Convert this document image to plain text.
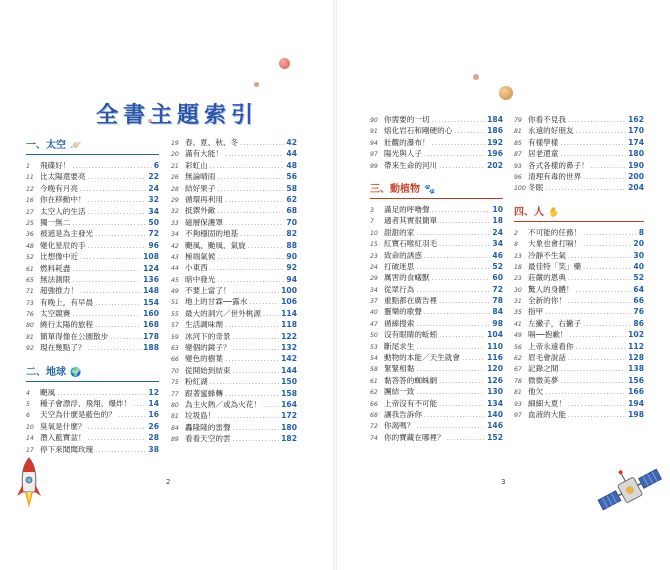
全書主題索引
一、太空 🪐
1	飛碟好！ .....	6
11 比太陽還要亮 .....	22
12 今晚有月亮 .....	24
16 你在移動中！ .....	32
17 太空人的生活 .....	34
25 獨一無二 .....	50
36 被遮是為主發光 .....	72
48 變化星辰的手 .....	96
52 比想像中近 .....	108
61 燃料耗盡 .....	124
65 無法測限 .....	136
71 超強推力！ .....	148
73 有晚上，有早晨 .....	154
76 太空競賽 .....	160
80 繞行太陽的旅程 .....	168
81 簡單得像在公園散步 .....	178
92 現在幾點了？ .....	188
二、地球 🌍
4	颶風 .....	12
5	種子會漂浮、飛翔、爆炸！ ..... 14
6	天空為什麼是藍色的？ .....	16
10 臭氧是什麼？ .....	26
14 潛入藍寶盆！ .....	28
17 停下來聞聞玫瑰 .....	38
19 春、夏、秋、冬 .....	42
20 滿有大能！ .....	44
21 彩虹山 .....	48
26 無論晴雨 .....	56
28 結好果子 .....	58
29 循環再利用 .....	62
32 抵禦外敵 .....	68
33 磁層保護罩 .....	70
34 不夠穩固的地基 .....	82
42 颶風、颱風、氣旋 .....	88
43 極端氣候 .....	90
44 小東西 .....	92
45 暗中發光 .....	94
49 不要上當了！ .....	100
51 地上的甘霖──露水 .....	106
55 最大的洞穴／世外桃源 .....	114
57 生活調味劑 .....	118
59 冰河下的奇景 .....	122
63 變個的鏡子？ .....	132
66 變色的樹葉 .....	142
70 從開始到結束 .....	144
75 粉紅湖 .....	150
77 跟著蜜蜂轉 .....	158
80 為主火熱／或為火花！ .....	164
81 垃圾島！ .....	172
84 轟隆隆的雷聲 .....	180
89 看看天空的雲 .....	182
2
90 你需要的一切 .....	184
91 熔化岩石和剛硬的心 .....	186
94 壯觀的瀑布！ .....	192
97 陽光與人子 .....	196
99 帶來生命的河川 .....	202
三、動植物 🐾
3	滿足的呼嚕聲 .....	10
7	適者其實很簡單 .....	18
10 甜甜的家 .....	24
15 紅寶石喉紅羽毛 .....	34
23 致命的誘惑 .....	46
24 打破迷思 .....	52
29 厲害的食蟻獸 .....	60
34 從眾行為 .....	72
37 重點都在廣告裡 .....	78
40 靈樂的歌聲 .....	84
47 循線搜索 .....	98
50 沒有眼睛的蚯蚓 .....	104
53 斷尾求生 .....	110
54 動物的本能／天生就會 .....	116
58 緊緊相黏 .....	120
61 黏答答的蜘蛛網 .....	126
62 團結一致 .....	130
66 上帝沒有不可能 .....	134
68 讓我告訴你 .....	140
72 你渴嗎？ .....	146
74 你的寶藏在哪裡？ .....	152
79 你看不見我 .....	162
81 永遠的好朋友 .....	170
85 有樣學樣 .....	174
87 居老還童 .....	180
93 各式各樣的鼻子！ .....	190
96 清理有毒的世界 .....	200
100 冬眠 .....	204
四、人 ✋
2	不可能的任務！ .....	8
8	大象也會打嗝！ .....	20
13 冷靜不生氣 .....	30
18 最佳特「笑」藥 .....	40
23 莊嚴的恩典 .....	52
30 驚人的身體！ .....	64
31 全新的你！ .....	66
35 指甲 .....	76
41 左撇子，右撇子 .....	86
49 嗝──抱歉！ .....	102
56 上帝永遠看你 .....	112
62 眉毛會說話 .....	128
67 記錄之間 .....	138
78 微微美夢 .....	156
81 他欠 .....	166
93 細細大夏！ .....	194
97 血液的大能 .....	198
3
